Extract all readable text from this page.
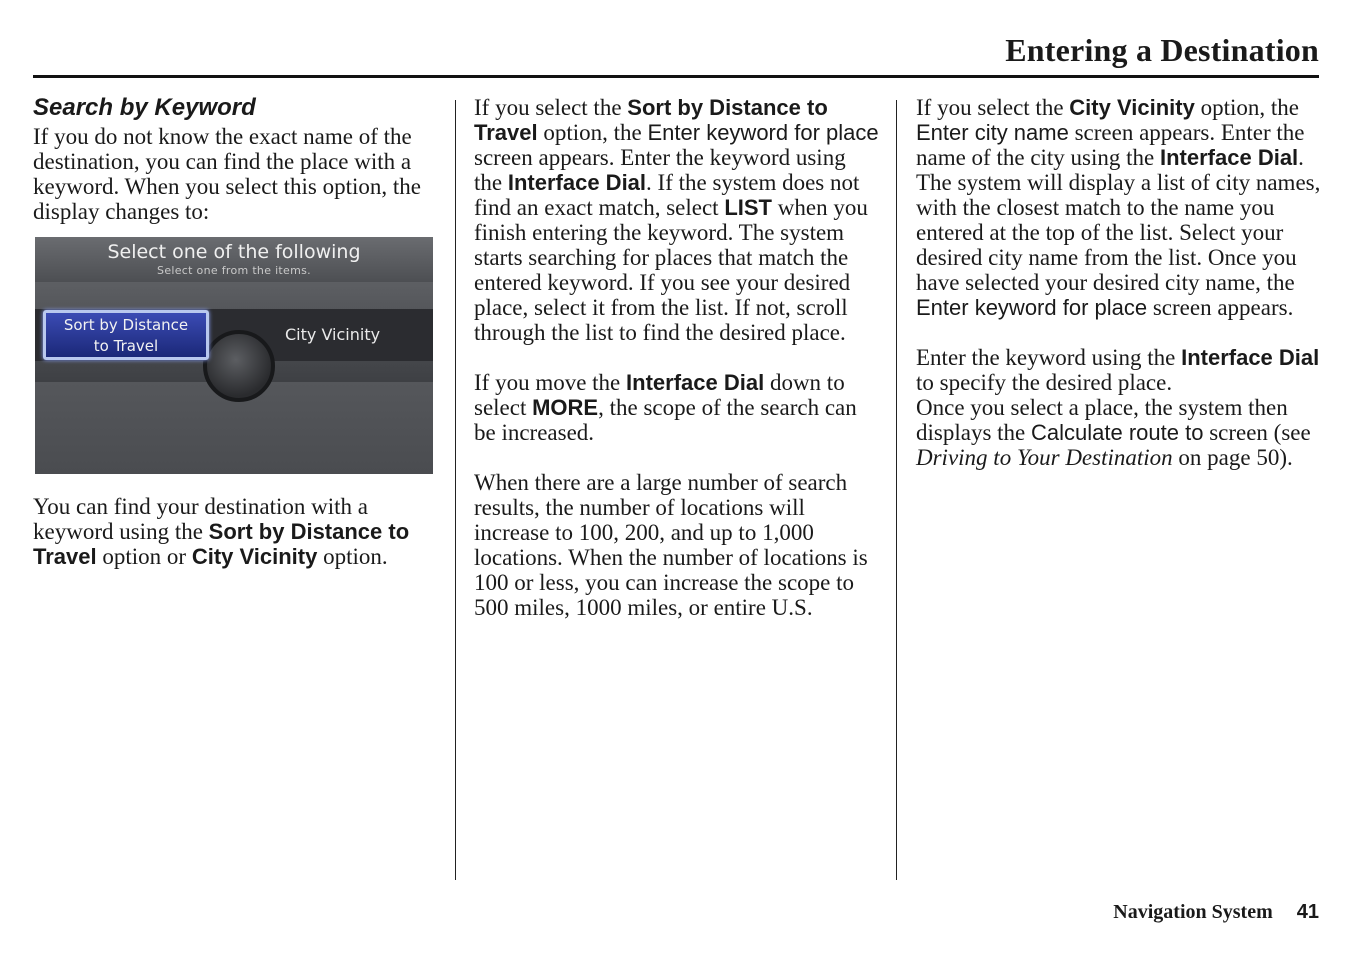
Entering a Destination
Search by Keyword

If you do not know the exact name of the destination, you can find the place with a keyword. When you select this option, the display changes to:

Select one of the following
Select one from the items.
Sort by Distance
to Travel
City Vicinity

You can find your destination with a keyword using the Sort by Distance to Travel option or City Vicinity option.

If you select the Sort by Distance to Travel option, the Enter keyword for place screen appears. Enter the keyword using the Interface Dial. If the system does not find an exact match, select LIST when you finish entering the keyword. The system starts searching for places that match the entered keyword. If you see your desired place, select it from the list. If not, scroll through the list to find the desired place.

If you move the Interface Dial down to select MORE, the scope of the search can be increased.

When there are a large number of search results, the number of locations will increase to 100, 200, and up to 1,000 locations. When the number of locations is 100 or less, you can increase the scope to 500 miles, 1000 miles, or entire U.S.

If you select the City Vicinity option, the Enter city name screen appears. Enter the name of the city using the Interface Dial. The system will display a list of city names, with the closest match to the name you entered at the top of the list. Select your desired city name from the list. Once you have selected your desired city name, the Enter keyword for place screen appears.

Enter the keyword using the Interface Dial to specify the desired place.

Once you select a place, the system then displays the Calculate route to screen (see Driving to Your Destination on page 50).

Navigation System 41
